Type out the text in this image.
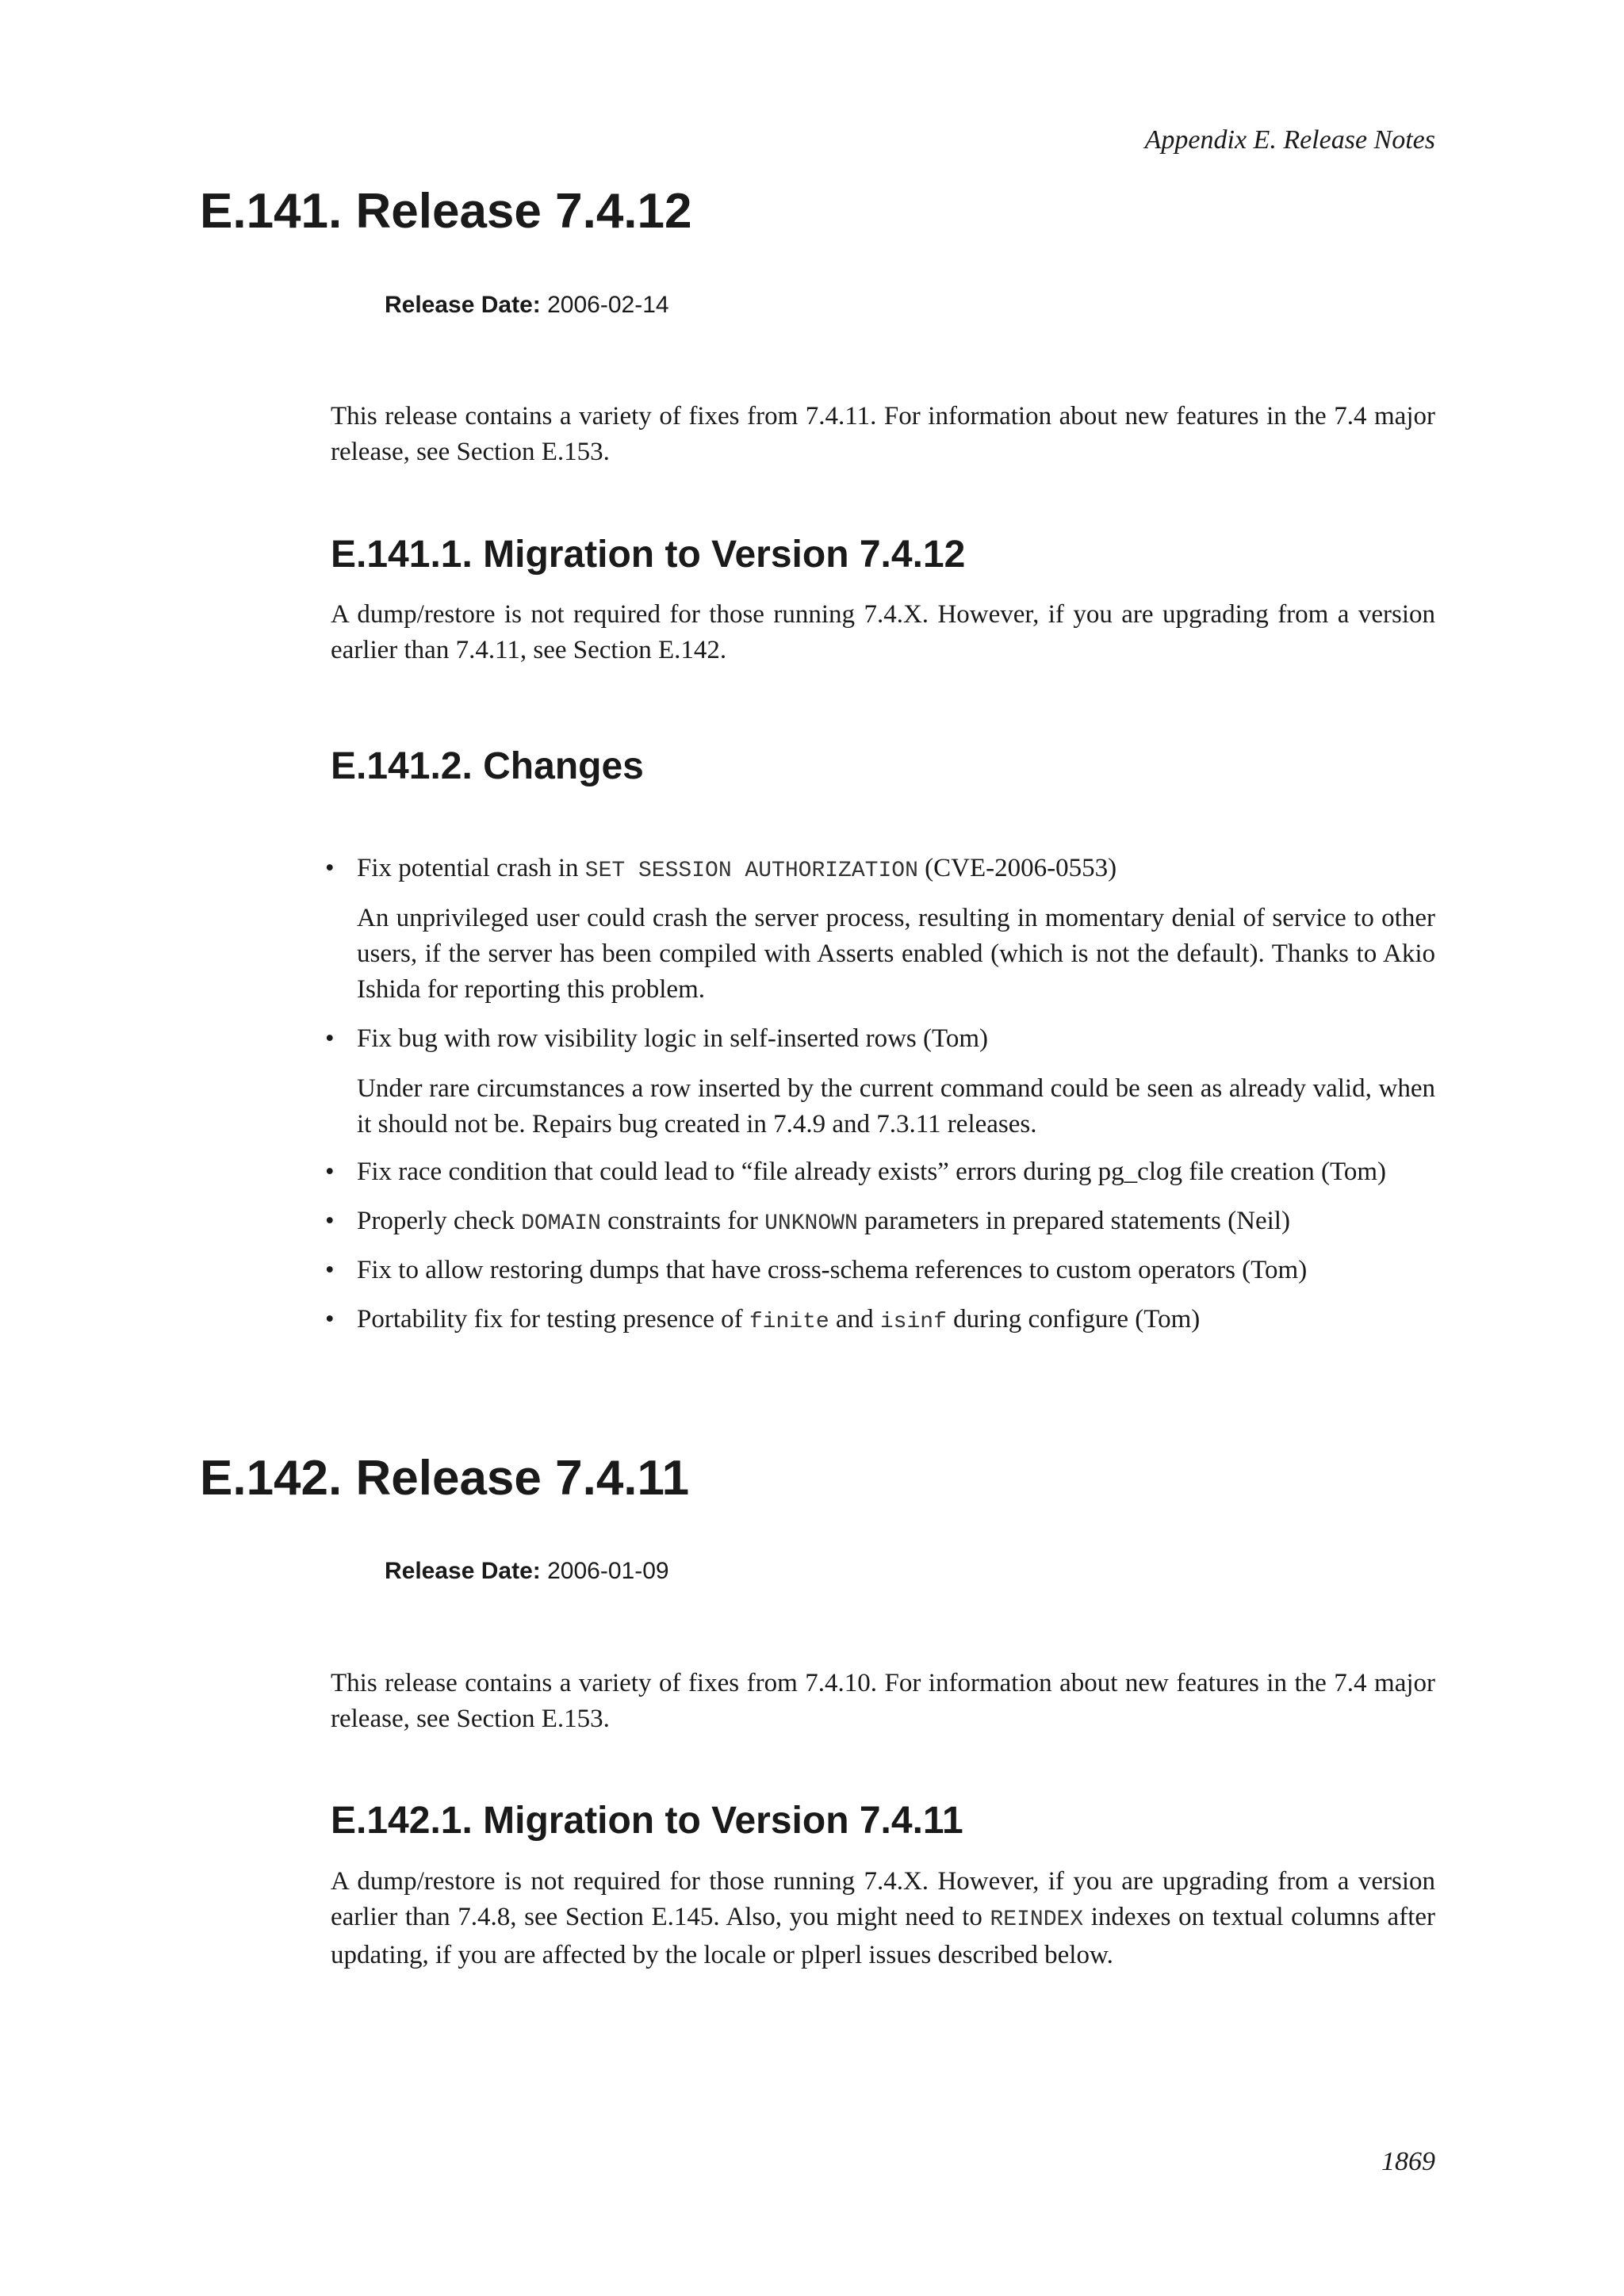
Appendix E. Release Notes
E.141. Release 7.4.12
Release Date: 2006-02-14

This release contains a variety of fixes from 7.4.11. For information about new features in the 7.4 major release, see Section E.153.

E.141.1. Migration to Version 7.4.12

A dump/restore is not required for those running 7.4.X. However, if you are upgrading from a version earlier than 7.4.11, see Section E.142.

E.141.2. Changes
• Fix potential crash in SET SESSION AUTHORIZATION (CVE-2006-0553)

An unprivileged user could crash the server process, resulting in momentary denial of service to other users, if the server has been compiled with Asserts enabled (which is not the default). Thanks to Akio Ishida for reporting this problem.

• Fix bug with row visibility logic in self-inserted rows (Tom)

Under rare circumstances a row inserted by the current command could be seen as already valid, when it should not be. Repairs bug created in 7.4.9 and 7.3.11 releases.

• Fix race condition that could lead to “file already exists” errors during pg_clog file creation (Tom)
• Properly check DOMAIN constraints for UNKNOWN parameters in prepared statements (Neil)
• Fix to allow restoring dumps that have cross-schema references to custom operators (Tom)
• Portability fix for testing presence of finite and isinf during configure (Tom)
E.142. Release 7.4.11
Release Date: 2006-01-09

This release contains a variety of fixes from 7.4.10. For information about new features in the 7.4 major release, see Section E.153.

E.142.1. Migration to Version 7.4.11

A dump/restore is not required for those running 7.4.X. However, if you are upgrading from a version earlier than 7.4.8, see Section E.145. Also, you might need to REINDEX indexes on textual columns after updating, if you are affected by the locale or plperl issues described below.

1869
